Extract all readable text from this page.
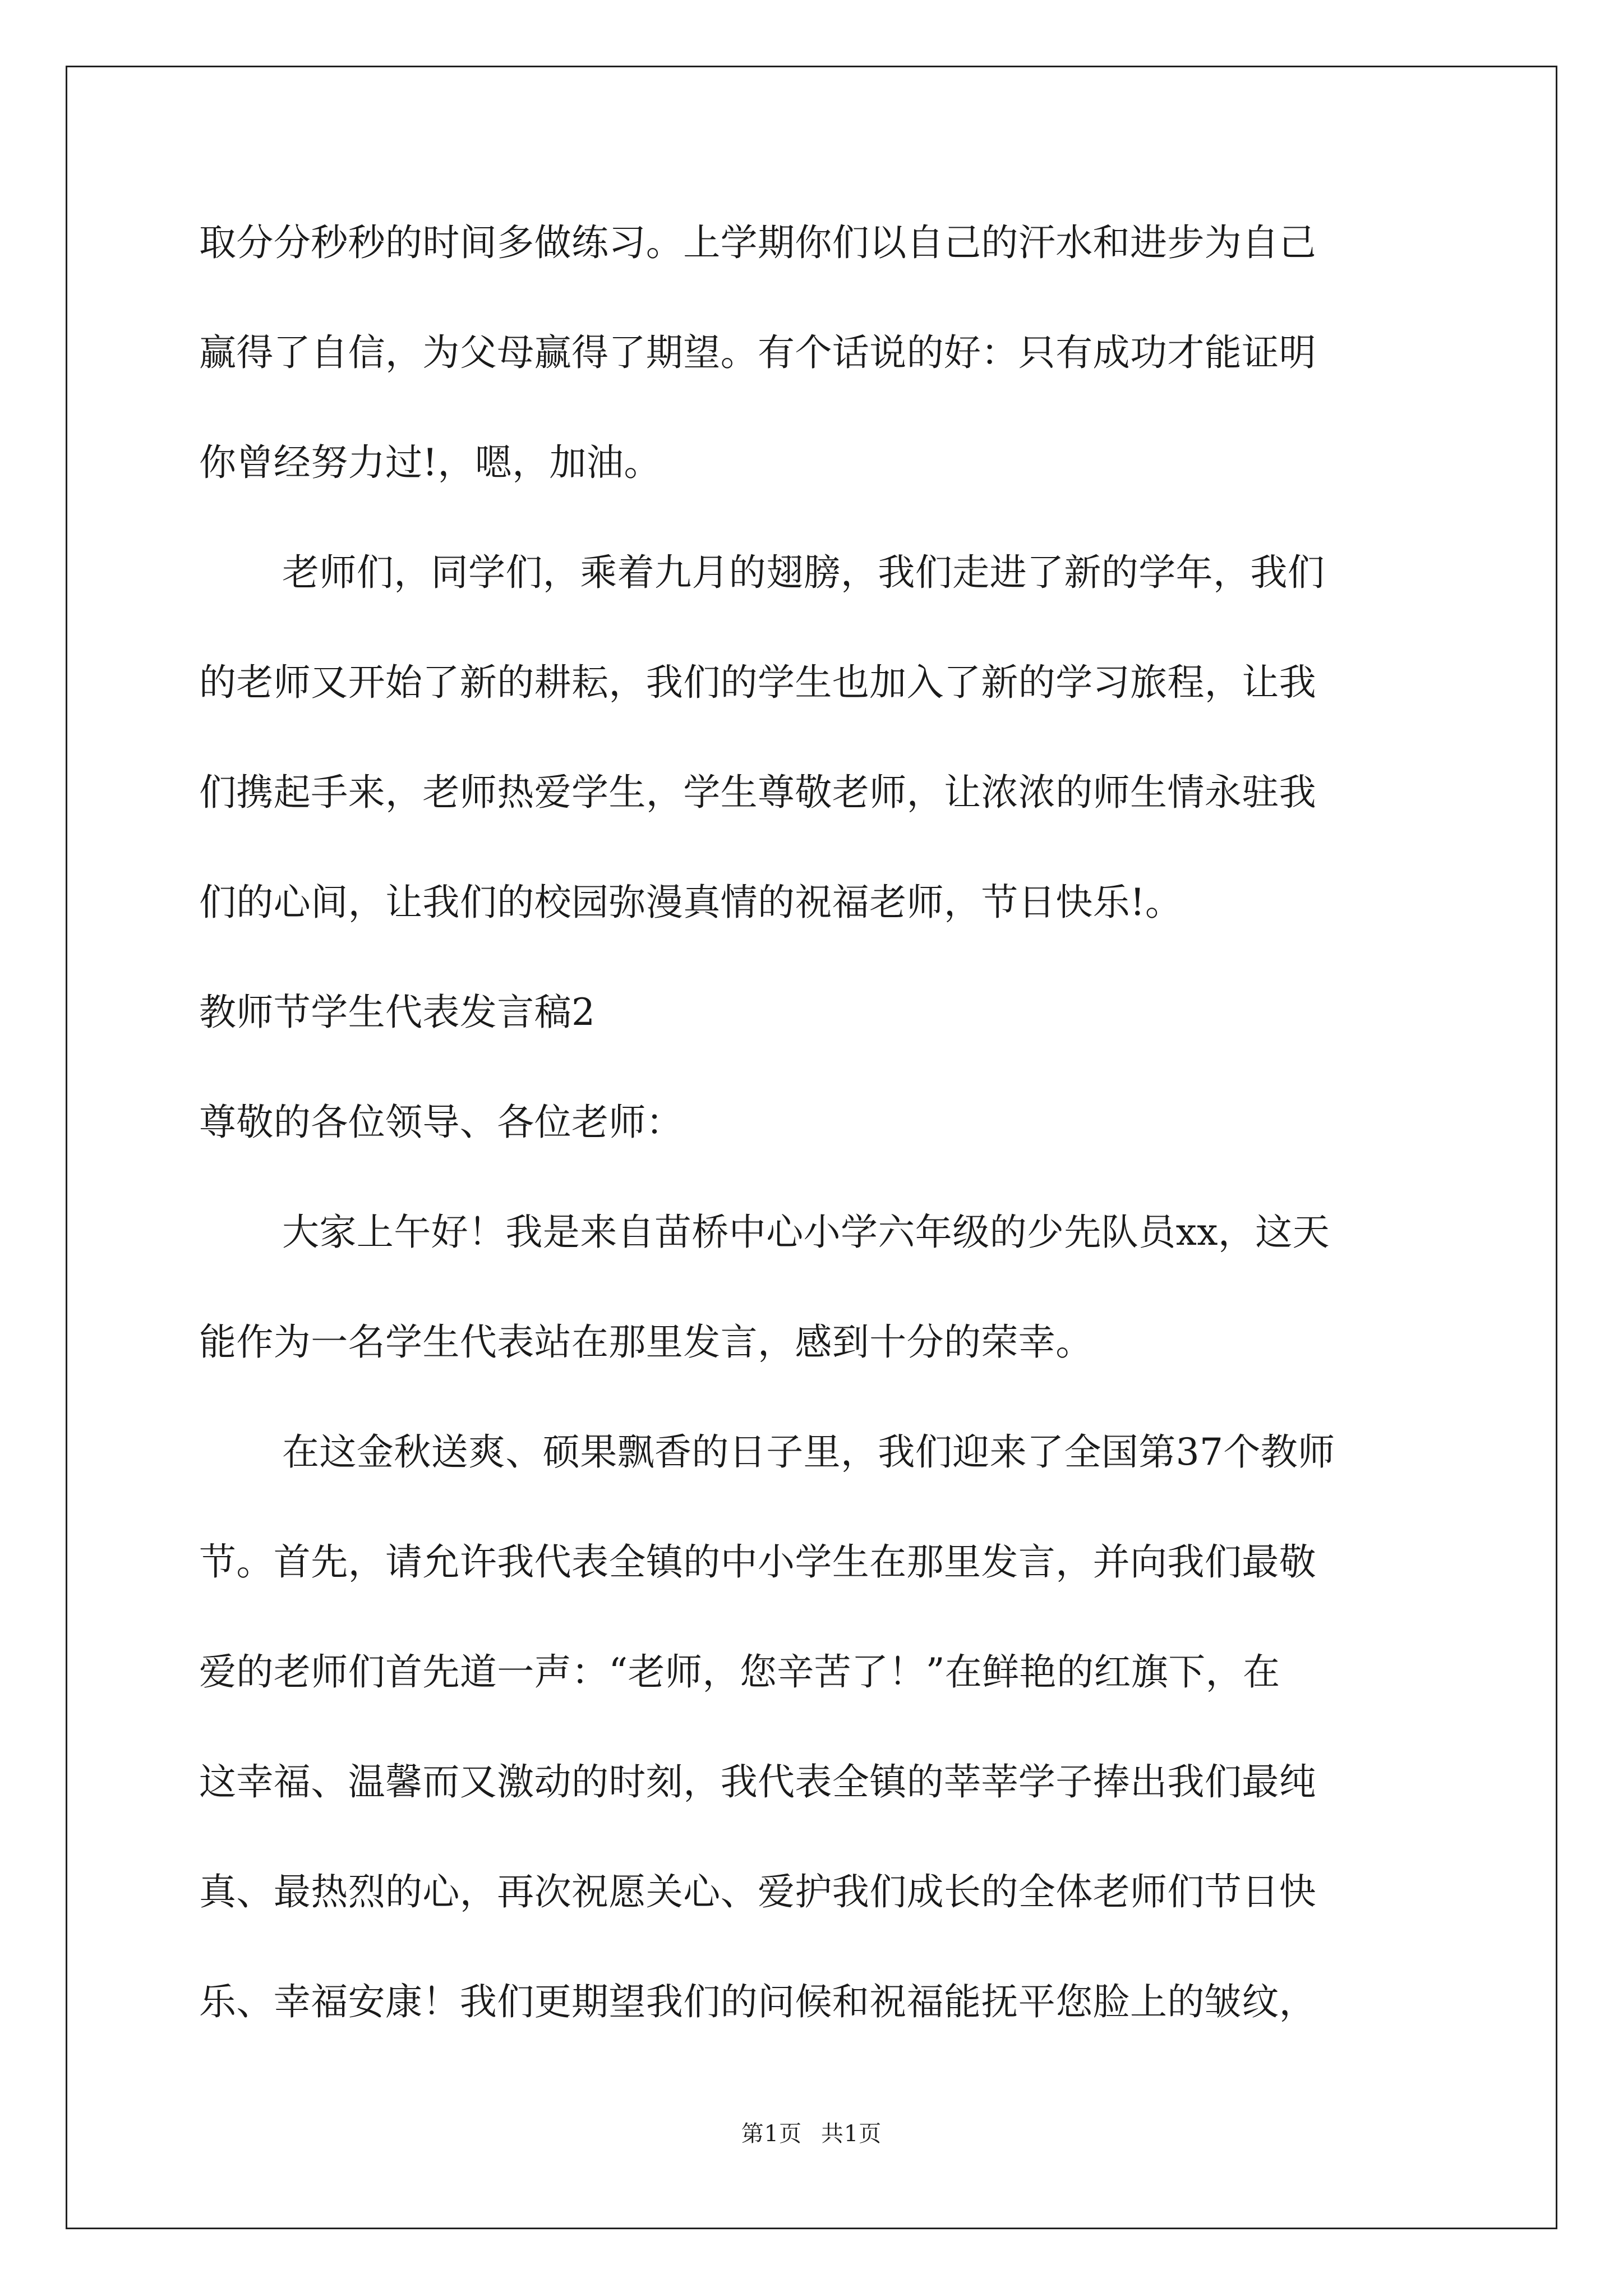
取分分秒秒的时间多做练习。上学期你们以自己的汗水和进步为自己
赢得了自信，为父母赢得了期望。有个话说的好：只有成功才能证明
你曾经努力过!，嗯，加油。
老师们，同学们，乘着九月的翅膀，我们走进了新的学年，我们
的老师又开始了新的耕耘，我们的学生也加入了新的学习旅程，让我
们携起手来，老师热爱学生，学生尊敬老师，让浓浓的师生情永驻我
们的心间，让我们的校园弥漫真情的祝福老师，节日快乐!。
教师节学生代表发言稿2
尊敬的各位领导、各位老师：
大家上午好！我是来自苗桥中心小学六年级的少先队员xx，这天
能作为一名学生代表站在那里发言，感到十分的荣幸。
在这金秋送爽、硕果飘香的日子里，我们迎来了全国第37个教师
节。首先，请允许我代表全镇的中小学生在那里发言，并向我们最敬
爱的老师们首先道一声：“老师，您辛苦了！”在鲜艳的红旗下，在
这幸福、温馨而又激动的时刻，我代表全镇的莘莘学子捧出我们最纯
真、最热烈的心，再次祝愿关心、爱护我们成长的全体老师们节日快
乐、幸福安康！我们更期望我们的问候和祝福能抚平您脸上的皱纹，
第1页 共1页
